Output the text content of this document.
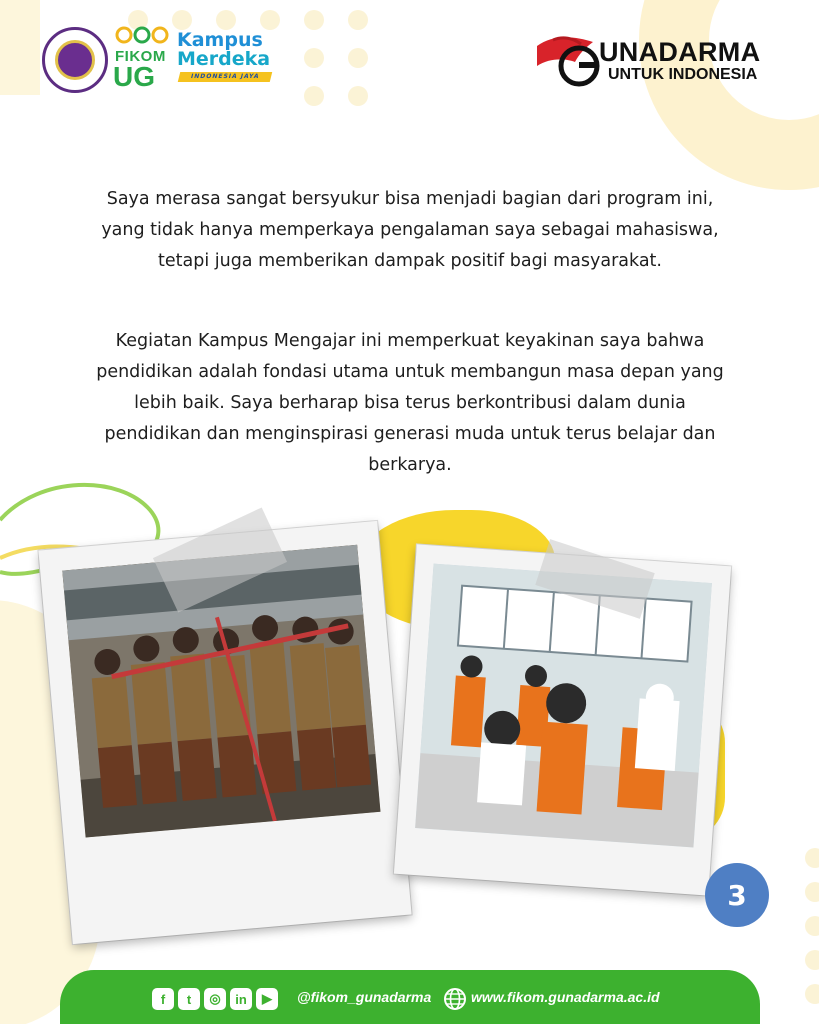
FIKOM
UG
Kampus
Merdeka
INDONESIA JAYA
UNADARMA
UNTUK INDONESIA

Saya merasa sangat bersyukur bisa menjadi bagian dari program ini, yang tidak hanya memperkaya pengalaman saya sebagai mahasiswa, tetapi juga memberikan dampak positif bagi masyarakat.

Kegiatan Kampus Mengajar ini memperkuat keyakinan saya bahwa pendidikan adalah fondasi utama untuk membangun masa depan yang lebih baik. Saya berharap bisa terus berkontribusi dalam dunia pendidikan dan menginspirasi generasi muda untuk terus belajar dan berkarya.

3
f	t	◎	in	▶	@fikom_gunadarma	www.fikom.gunadarma.ac.id
